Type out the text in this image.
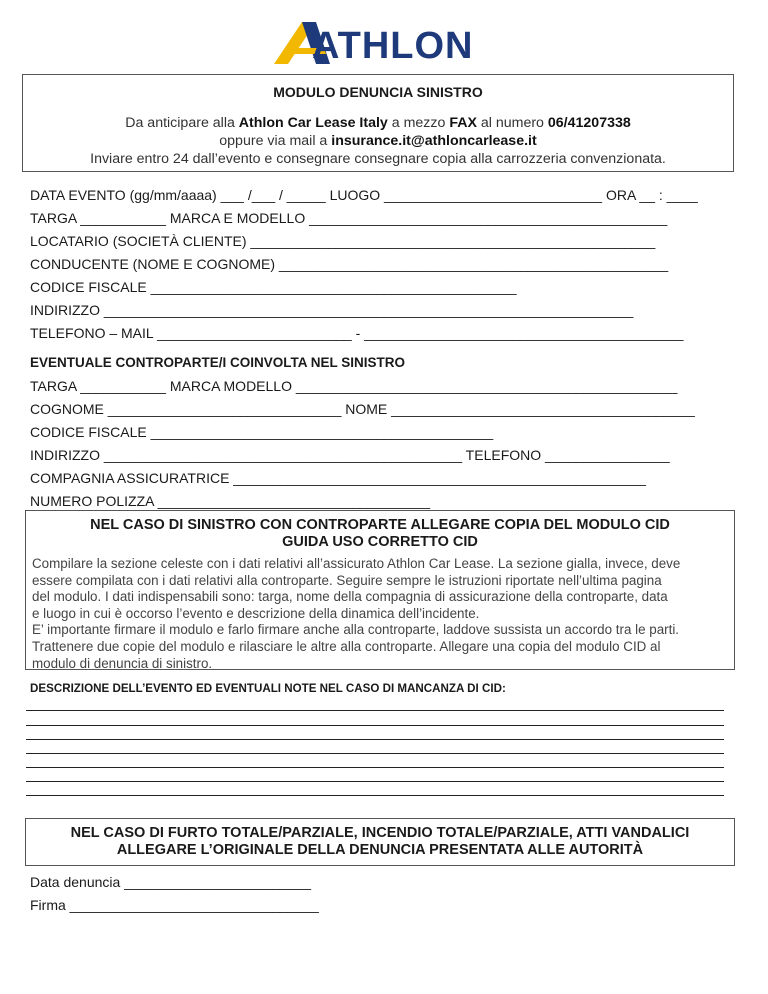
ATHLON
MODULO DENUNCIA SINISTRO
Da anticipare alla Athlon Car Lease Italy a mezzo FAX al numero 06/41207338
oppure via mail a insurance.it@athloncarlease.it
Inviare entro 24 dall’evento e consegnare consegnare copia alla carrozzeria convenzionata.
DATA EVENTO (gg/mm/aaaa) ___ /___ / _____ LUOGO ____________________________ ORA __ : ____
TARGA ___________ MARCA E MODELLO ______________________________________________
LOCATARIO (SOCIETÀ CLIENTE) ____________________________________________________
CONDUCENTE (NOME E COGNOME) __________________________________________________
CODICE FISCALE _______________________________________________
INDIRIZZO ____________________________________________________________________
TELEFONO – MAIL _________________________ - _________________________________________
EVENTUALE CONTROPARTE/I COINVOLTA NEL SINISTRO
TARGA ___________ MARCA MODELLO _________________________________________________
COGNOME ______________________________ NOME _______________________________________
CODICE FISCALE ____________________________________________
INDIRIZZO ______________________________________________ TELEFONO ________________
COMPAGNIA ASSICURATRICE _____________________________________________________
NUMERO POLIZZA ___________________________________
NEL CASO DI SINISTRO CON CONTROPARTE ALLEGARE COPIA DEL MODULO CID
GUIDA USO CORRETTO CID
Compilare la sezione celeste con i dati relativi all’assicurato Athlon Car Lease. La sezione gialla, invece, deve
essere compilata con i dati relativi alla controparte. Seguire sempre le istruzioni riportate nell’ultima pagina
del modulo. I dati indispensabili sono: targa, nome della compagnia di assicurazione della controparte, data
e luogo in cui è occorso l’evento e descrizione della dinamica dell’incidente.
E’ importante firmare il modulo e farlo firmare anche alla controparte, laddove sussista un accordo tra le parti.
Trattenere due copie del modulo e rilasciare le altre alla controparte. Allegare una copia del modulo CID al
modulo di denuncia di sinistro.
DESCRIZIONE DELL’EVENTO ED EVENTUALI NOTE NEL CASO DI MANCANZA DI CID:
NEL CASO DI FURTO TOTALE/PARZIALE, INCENDIO TOTALE/PARZIALE, ATTI VANDALICI
ALLEGARE L’ORIGINALE DELLA DENUNCIA PRESENTATA ALLE AUTORITÀ
Data denuncia ________________________
Firma ________________________________
